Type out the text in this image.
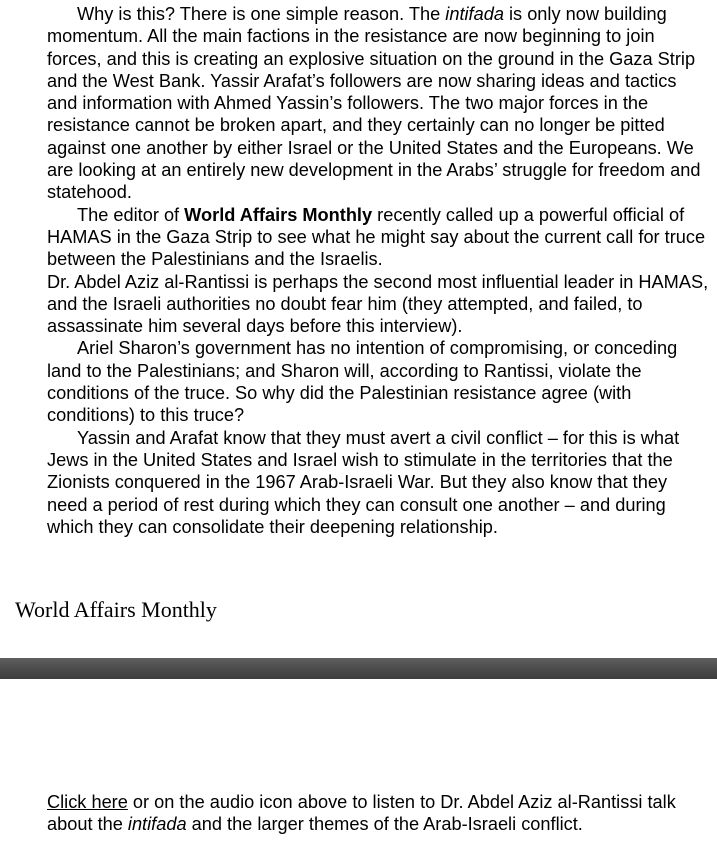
Why is this? There is one simple reason. The intifada is only now building momentum. All the main factions in the resistance are now beginning to join forces, and this is creating an explosive situation on the ground in the Gaza Strip and the West Bank. Yassir Arafat’s followers are now sharing ideas and tactics and information with Ahmed Yassin’s followers. The two major forces in the resistance cannot be broken apart, and they certainly can no longer be pitted against one another by either Israel or the United States and the Europeans. We are looking at an entirely new development in the Arabs’ struggle for freedom and statehood.

The editor of World Affairs Monthly recently called up a powerful official of HAMAS in the Gaza Strip to see what he might say about the current call for truce between the Palestinians and the Israelis.

Dr. Abdel Aziz al-Rantissi is perhaps the second most influential leader in HAMAS, and the Israeli authorities no doubt fear him (they attempted, and failed, to assassinate him several days before this interview).

Ariel Sharon’s government has no intention of compromising, or conceding land to the Palestinians; and Sharon will, according to Rantissi, violate the conditions of the truce. So why did the Palestinian resistance agree (with conditions) to this truce?

Yassin and Arafat know that they must avert a civil conflict – for this is what Jews in the United States and Israel wish to stimulate in the territories that the Zionists conquered in the 1967 Arab-Israeli War. But they also know that they need a period of rest during which they can consult one another – and during which they can consolidate their deepening relationship.

World Affairs Monthly
Click here or on the audio icon above to listen to Dr. Abdel Aziz al-Rantissi talk about the intifada and the larger themes of the Arab-Israeli conflict.
